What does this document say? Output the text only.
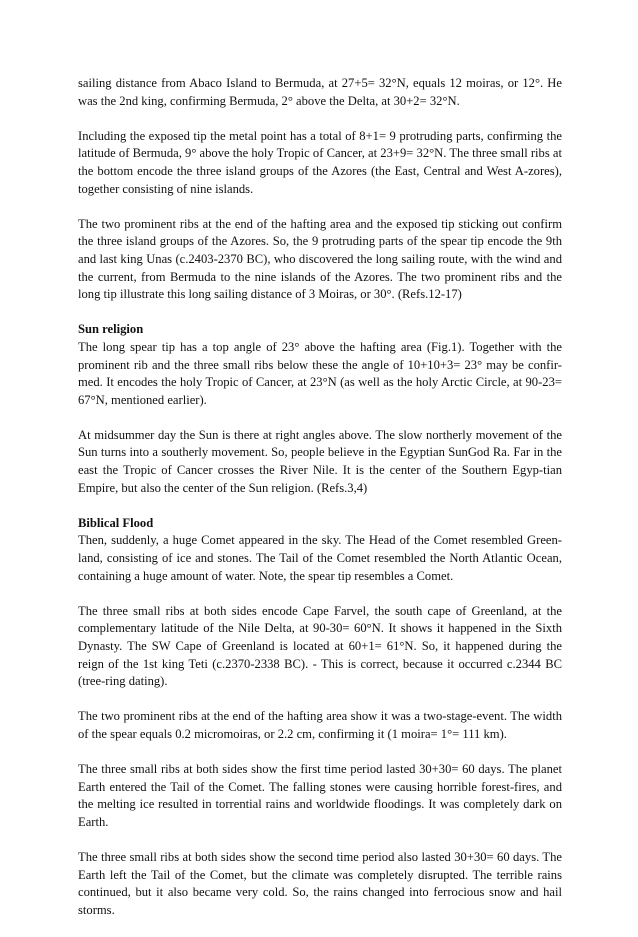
sailing distance from Abaco Island to Bermuda, at 27+5= 32°N, equals 12 moiras, or 12°. He was the 2nd king, confirming Bermuda, 2° above the Delta, at 30+2= 32°N.

Including the exposed tip the metal point has a total of 8+1= 9 protruding parts, confirming the latitude of Bermuda, 9° above the holy Tropic of Cancer, at 23+9= 32°N. The three small ribs at the bottom encode the three island groups of the Azores (the East, Central and West A-zores), together consisting of nine islands.

The two prominent ribs at the end of the hafting area and the exposed tip sticking out confirm the three island groups of the Azores. So, the 9 protruding parts of the spear tip encode the 9th and last king Unas (c.2403-2370 BC), who discovered the long sailing route, with the wind and the current, from Bermuda to the nine islands of the Azores. The two prominent ribs and the long tip illustrate this long sailing distance of 3 Moiras, or 30°. (Refs.12-17)

Sun religion

The long spear tip has a top angle of 23° above the hafting area (Fig.1). Together with the prominent rib and the three small ribs below these the angle of 10+10+3= 23° may be confir-med. It encodes the holy Tropic of Cancer, at 23°N (as well as the holy Arctic Circle, at 90-23= 67°N, mentioned earlier).

At midsummer day the Sun is there at right angles above. The slow northerly movement of the Sun turns into a southerly movement. So, people believe in the Egyptian SunGod Ra. Far in the east the Tropic of Cancer crosses the River Nile. It is the center of the Southern Egyp-tian Empire, but also the center of the Sun religion. (Refs.3,4)

Biblical Flood

Then, suddenly, a huge Comet appeared in the sky. The Head of the Comet resembled Green-land, consisting of ice and stones. The Tail of the Comet resembled the North Atlantic Ocean, containing a huge amount of water. Note, the spear tip resembles a Comet.

The three small ribs at both sides encode Cape Farvel, the south cape of Greenland, at the complementary latitude of the Nile Delta, at 90-30= 60°N. It shows it happened in the Sixth Dynasty. The SW Cape of Greenland is located at 60+1= 61°N. So, it happened during the reign of the 1st king Teti (c.2370-2338 BC). - This is correct, because it occurred c.2344 BC (tree-ring dating).

The two prominent ribs at the end of the hafting area show it was a two-stage-event. The width of the spear equals 0.2 micromoiras, or 2.2 cm, confirming it (1 moira= 1°= 111 km).

The three small ribs at both sides show the first time period lasted 30+30= 60 days. The planet Earth entered the Tail of the Comet. The falling stones were causing horrible forest-fires, and the melting ice resulted in torrential rains and worldwide floodings. It was completely dark on Earth.

The three small ribs at both sides show the second time period also lasted 30+30= 60 days. The Earth left the Tail of the Comet, but the climate was completely disrupted. The terrible rains continued, but it also became very cold. So, the rains changed into ferrocious snow and hail storms.
